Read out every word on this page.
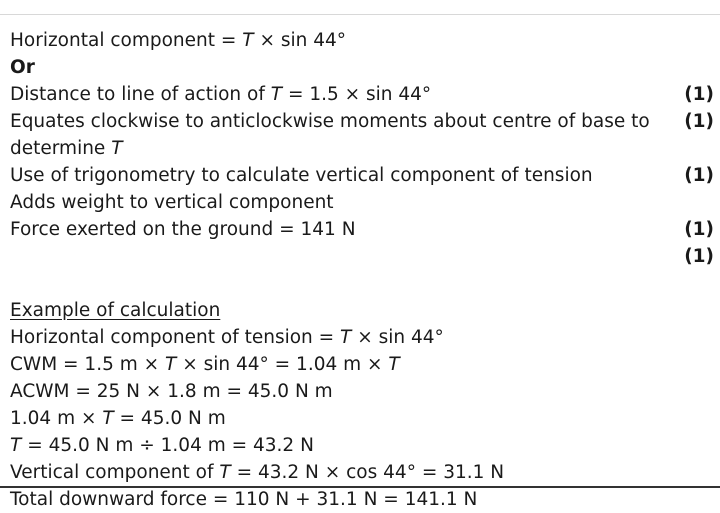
Horizontal component = T × sin 44°
Or
Distance to line of action of T = 1.5 × sin 44°	(1)
Equates clockwise to anticlockwise moments about centre of base to (1)
determine T
Use of trigonometry to calculate vertical component of tension	(1)
Adds weight to vertical component
Force exerted on the ground = 141 N	(1)
(1)
Example of calculation
Horizontal component of tension = T × sin 44°
CWM = 1.5 m × T × sin 44° = 1.04 m × T
ACWM = 25 N × 1.8 m = 45.0 N m
1.04 m × T = 45.0 N m
T = 45.0 N m ÷ 1.04 m = 43.2 N
Vertical component of T = 43.2 N × cos 44° = 31.1 N
Total downward force = 110 N + 31.1 N = 141.1 N
